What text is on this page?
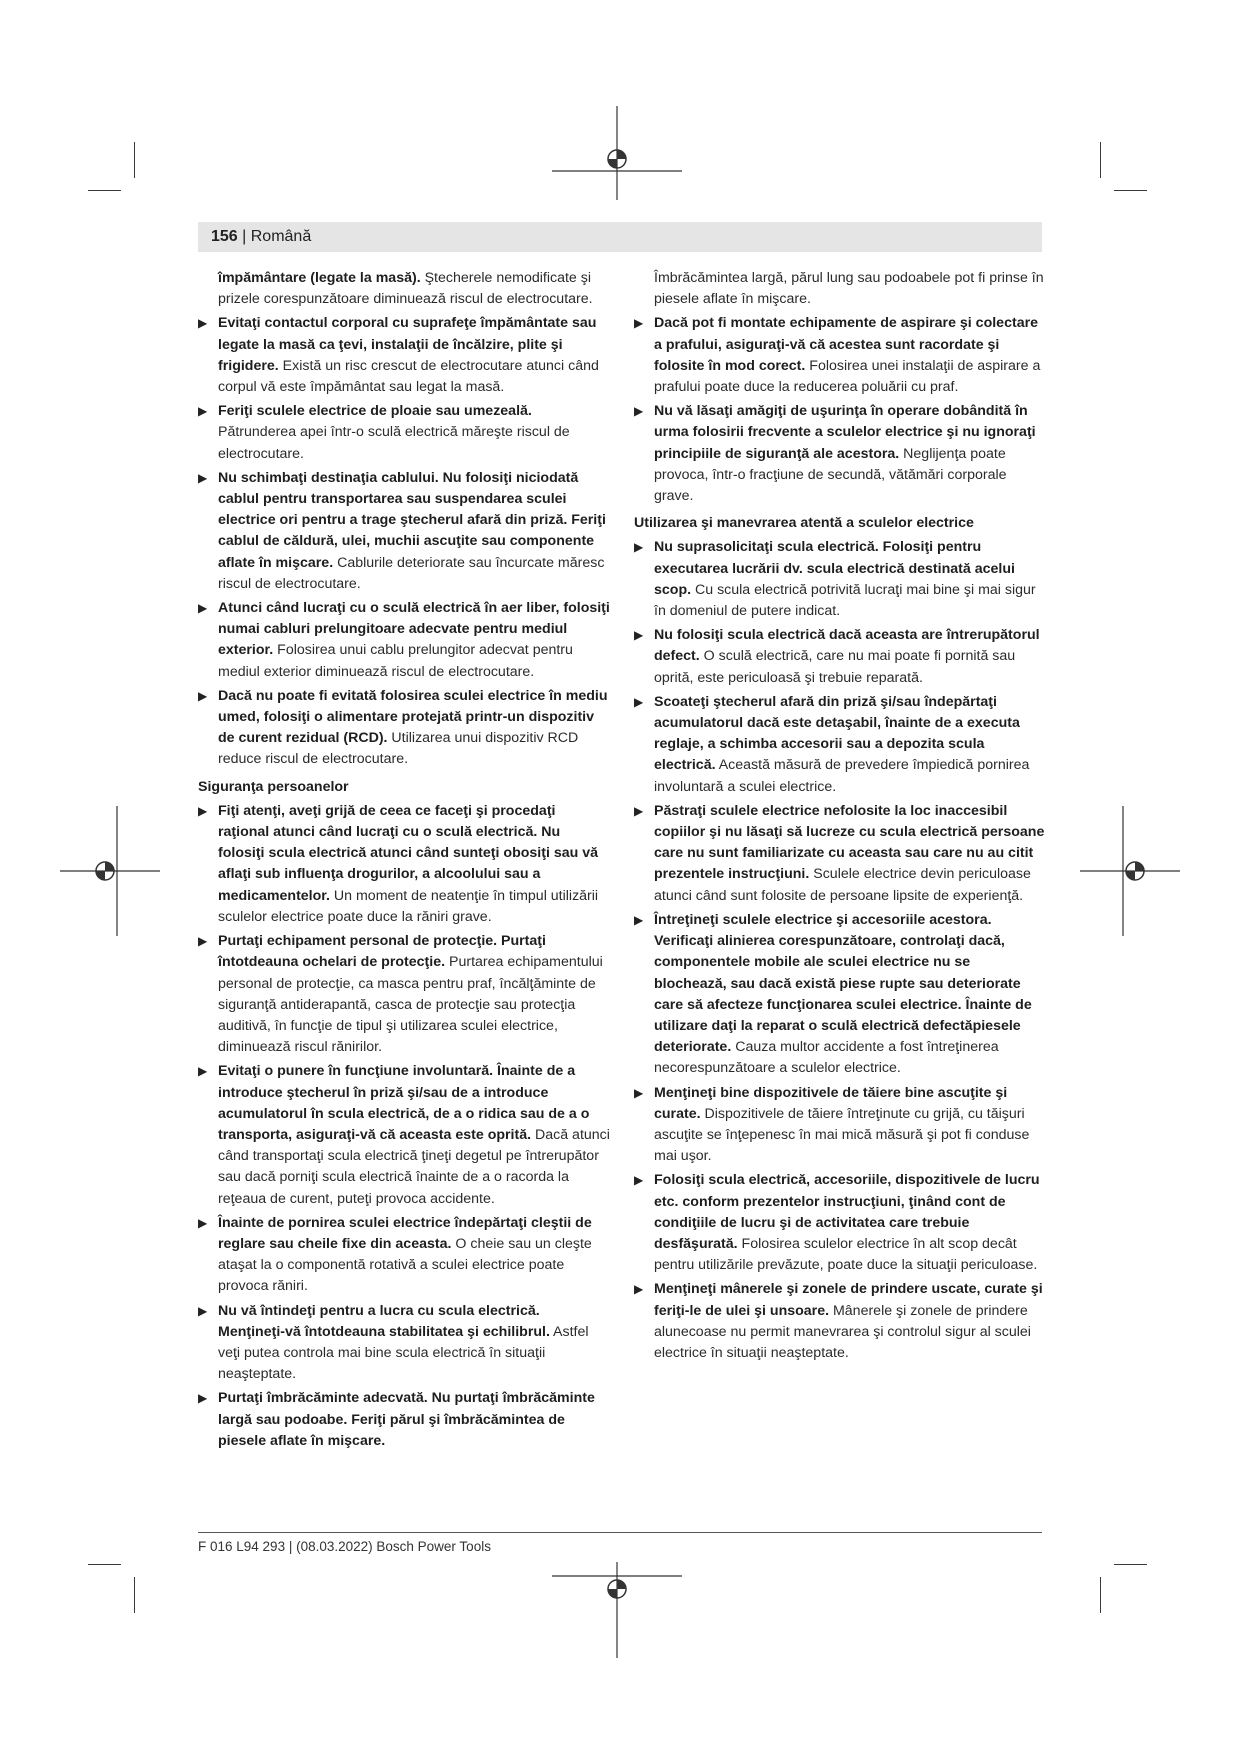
156 | Română

împământare (legate la masă). Ştecherele nemodificate şi prizele corespunzătoare diminuează riscul de electrocutare.

▶ Evitaţi contactul corporal cu suprafeţe împământate sau legate la masă ca ţevi, instalaţii de încălzire, plite şi frigidere. Există un risc crescut de electrocutare atunci când corpul vă este împământat sau legat la masă.

▶ Feriţi sculele electrice de ploaie sau umezeală. Pătrunderea apei într-o sculă electrică măreşte riscul de electrocutare.

▶ Nu schimbaţi destinaţia cablului. Nu folosiţi niciodată cablul pentru transportarea sau suspendarea sculei electrice ori pentru a trage ştecherul afară din priză. Feriţi cablul de căldură, ulei, muchii ascuţite sau componente aflate în mişcare. Cablurile deteriorate sau încurcate măresc riscul de electrocutare.

▶ Atunci când lucraţi cu o sculă electrică în aer liber, folosiţi numai cabluri prelungitoare adecvate pentru mediul exterior. Folosirea unui cablu prelungitor adecvat pentru mediul exterior diminuează riscul de electrocutare.

▶ Dacă nu poate fi evitată folosirea sculei electrice în mediu umed, folosiţi o alimentare protejată printr-un dispozitiv de curent rezidual (RCD). Utilizarea unui dispozitiv RCD reduce riscul de electrocutare.

Siguranţa persoanelor

▶ Fiţi atenţi, aveţi grijă de ceea ce faceţi şi procedaţi raţional atunci când lucraţi cu o sculă electrică. Nu folosiţi scula electrică atunci când sunteţi obosiţi sau vă aflaţi sub influenţa drogurilor, a alcoolului sau a medicamentelor. Un moment de neatenţie în timpul utilizării sculelor electrice poate duce la răniri grave.

▶ Purtaţi echipament personal de protecţie. Purtaţi întotdeauna ochelari de protecţie. Purtarea echipamentului personal de protecţie, ca masca pentru praf, încălţăminte de siguranţă antiderapantă, casca de protecţie sau protecţia auditivă, în funcţie de tipul şi utilizarea sculei electrice, diminuează riscul rănirilor.

▶ Evitaţi o punere în funcţiune involuntară. Înainte de a introduce ştecherul în priză şi/sau de a introduce acumulatorul în scula electrică, de a o ridica sau de a o transporta, asiguraţi-vă că aceasta este oprită. Dacă atunci când transportaţi scula electrică ţineţi degetul pe întrerupător sau dacă porniţi scula electrică înainte de a o racorda la reţeaua de curent, puteţi provoca accidente.

▶ Înainte de pornirea sculei electrice îndepărtaţi cleştii de reglare sau cheile fixe din aceasta. O cheie sau un cleşte ataşat la o componentă rotativă a sculei electrice poate provoca răniri.

▶ Nu vă întindeţi pentru a lucra cu scula electrică. Menţineţi-vă întotdeauna stabilitatea şi echilibrul. Astfel veţi putea controla mai bine scula electrică în situaţii neaşteptate.

▶ Purtaţi îmbrăcăminte adecvată. Nu purtaţi îmbrăcăminte largă sau podoabe. Feriţi părul şi îmbrăcămintea de piesele aflate în mişcare.

Îmbrăcămintea largă, părul lung sau podoabele pot fi prinse în piesele aflate în mişcare.

▶ Dacă pot fi montate echipamente de aspirare şi colectare a prafului, asiguraţi-vă că acestea sunt racordate şi folosite în mod corect. Folosirea unei instalaţii de aspirare a prafului poate duce la reducerea poluării cu praf.

▶ Nu vă lăsaţi amăgiţi de uşurinţa în operare dobândită în urma folosirii frecvente a sculelor electrice şi nu ignoraţi principiile de siguranţă ale acestora. Neglijenţa poate provoca, într-o fracţiune de secundă, vătămări corporale grave.

Utilizarea şi manevrarea atentă a sculelor electrice

▶ Nu suprasolicitaţi scula electrică. Folosiţi pentru executarea lucrării dv. scula electrică destinată acelui scop. Cu scula electrică potrivită lucraţi mai bine şi mai sigur în domeniul de putere indicat.

▶ Nu folosiţi scula electrică dacă aceasta are întrerupătorul defect. O sculă electrică, care nu mai poate fi pornită sau oprită, este periculoasă şi trebuie reparată.

▶ Scoateţi ştecherul afară din priză şi/sau îndepărtaţi acumulatorul dacă este detaşabil, înainte de a executa reglaje, a schimba accesorii sau a depozita scula electrică. Această măsură de prevedere împiedică pornirea involuntară a sculei electrice.

▶ Păstraţi sculele electrice nefolosite la loc inaccesibil copiilor şi nu lăsaţi să lucreze cu scula electrică persoane care nu sunt familiarizate cu aceasta sau care nu au citit prezentele instrucţiuni. Sculele electrice devin periculoase atunci când sunt folosite de persoane lipsite de experienţă.

▶ Întreţineţi sculele electrice şi accesoriile acestora. Verificaţi alinierea corespunzătoare, controlaţi dacă, componentele mobile ale sculei electrice nu se blochează, sau dacă există piese rupte sau deteriorate care să afecteze funcţionarea sculei electrice. Înainte de utilizare daţi la reparat o sculă electrică defectăpiesele deteriorate. Cauza multor accidente a fost întreţinerea necorespunzătoare a sculelor electrice.

▶ Menţineţi bine dispozitivele de tăiere bine ascuţite şi curate. Dispozitivele de tăiere întreţinute cu grijă, cu tăişuri ascuţite se înţepenesc în mai mică măsură şi pot fi conduse mai uşor.

▶ Folosiţi scula electrică, accesoriile, dispozitivele de lucru etc. conform prezentelor instrucţiuni, ţinând cont de condiţiile de lucru şi de activitatea care trebuie desfăşurată. Folosirea sculelor electrice în alt scop decât pentru utilizările prevăzute, poate duce la situaţii periculoase.

▶ Menţineţi mânerele şi zonele de prindere uscate, curate şi feriţi-le de ulei şi unsoare. Mânerele şi zonele de prindere alunecoase nu permit manevrarea şi controlul sigur al sculei electrice în situaţii neaşteptate.

F 016 L94 293 | (08.03.2022) Bosch Power Tools
